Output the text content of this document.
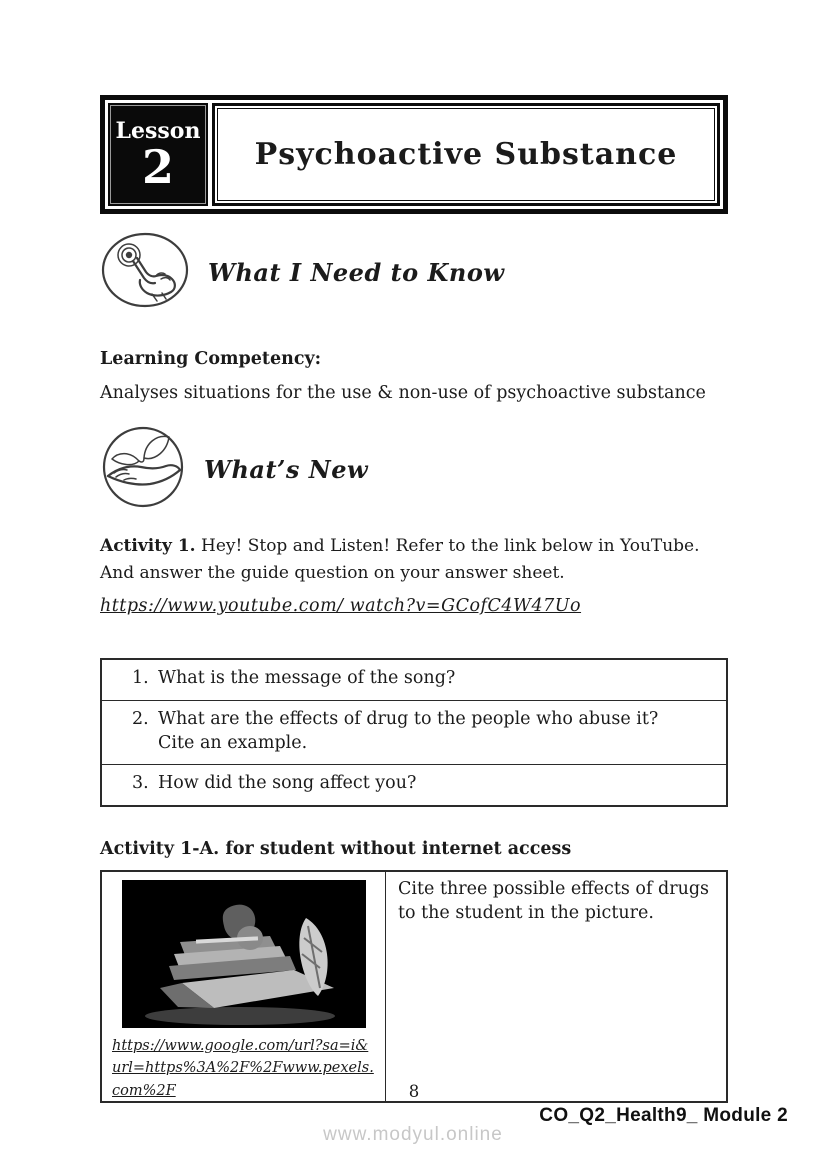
Lesson
2	Psychoactive Substance
What I Need to Know
Learning Competency:
Analyses situations for the use & non-use of psychoactive substance
What’s New

Activity 1. Hey! Stop and Listen! Refer to the link below in YouTube. And answer the guide question on your answer sheet.

https://www.youtube.com/ watch?v=GCofC4W47Uo
1. What is the message of the song?
2. What are the effects of drug to the people who abuse it? Cite an example.
3. How did the song affect you?
Activity 1-A. for student without internet access
https://www.google.com/url?sa=i&url=https%3A%2F%2Fwww.pexels.com%2F
Cite three possible effects of drugs to the student in the picture.
8
CO_Q2_Health9_ Module 2
www.modyul.online
